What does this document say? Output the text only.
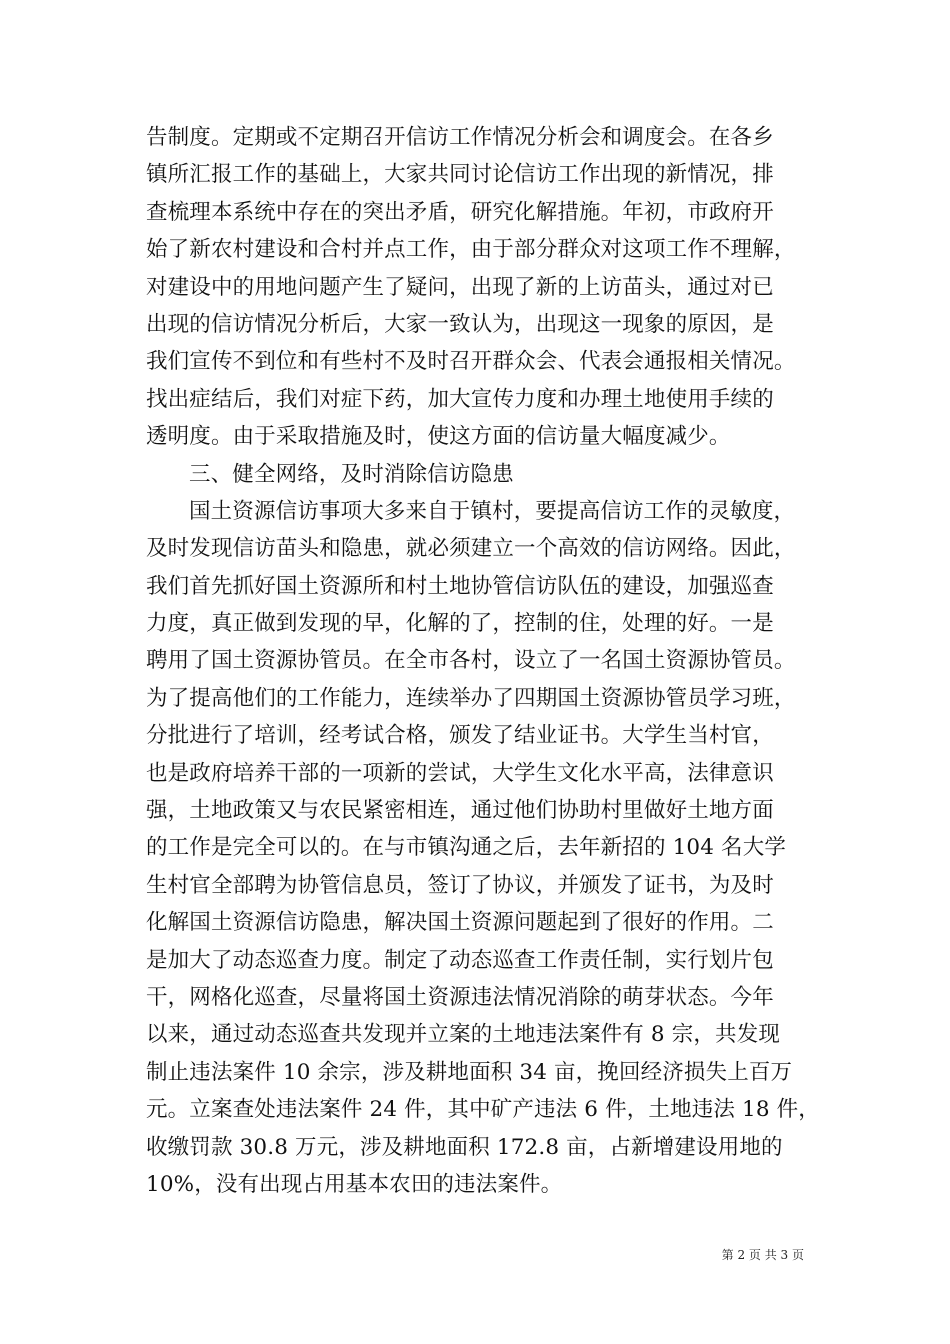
告制度。定期或不定期召开信访工作情况分析会和调度会。在各乡
镇所汇报工作的基础上，大家共同讨论信访工作出现的新情况，排
查梳理本系统中存在的突出矛盾，研究化解措施。年初，市政府开
始了新农村建设和合村并点工作，由于部分群众对这项工作不理解，
对建设中的用地问题产生了疑问，出现了新的上访苗头，通过对已
出现的信访情况分析后，大家一致认为，出现这一现象的原因，是
我们宣传不到位和有些村不及时召开群众会、代表会通报相关情况。
找出症结后，我们对症下药，加大宣传力度和办理土地使用手续的
透明度。由于采取措施及时，使这方面的信访量大幅度减少。
三、健全网络，及时消除信访隐患
国土资源信访事项大多来自于镇村，要提高信访工作的灵敏度，
及时发现信访苗头和隐患，就必须建立一个高效的信访网络。因此，
我们首先抓好国土资源所和村土地协管信访队伍的建设，加强巡查
力度，真正做到发现的早，化解的了，控制的住，处理的好。一是
聘用了国土资源协管员。在全市各村，设立了一名国土资源协管员。
为了提高他们的工作能力，连续举办了四期国土资源协管员学习班，
分批进行了培训，经考试合格，颁发了结业证书。大学生当村官，
也是政府培养干部的一项新的尝试，大学生文化水平高，法律意识
强，土地政策又与农民紧密相连，通过他们协助村里做好土地方面
的工作是完全可以的。在与市镇沟通之后，去年新招的 104 名大学
生村官全部聘为协管信息员，签订了协议，并颁发了证书，为及时
化解国土资源信访隐患，解决国土资源问题起到了很好的作用。二
是加大了动态巡查力度。制定了动态巡查工作责任制，实行划片包
干，网格化巡查，尽量将国土资源违法情况消除的萌芽状态。今年
以来，通过动态巡查共发现并立案的土地违法案件有 8 宗，共发现
制止违法案件 10 余宗，涉及耕地面积 34 亩，挽回经济损失上百万
元。立案查处违法案件 24 件，其中矿产违法 6 件，土地违法 18 件，
收缴罚款 30.8 万元，涉及耕地面积 172.8 亩，占新增建设用地的
10%，没有出现占用基本农田的违法案件。
第 2 页 共 3 页
